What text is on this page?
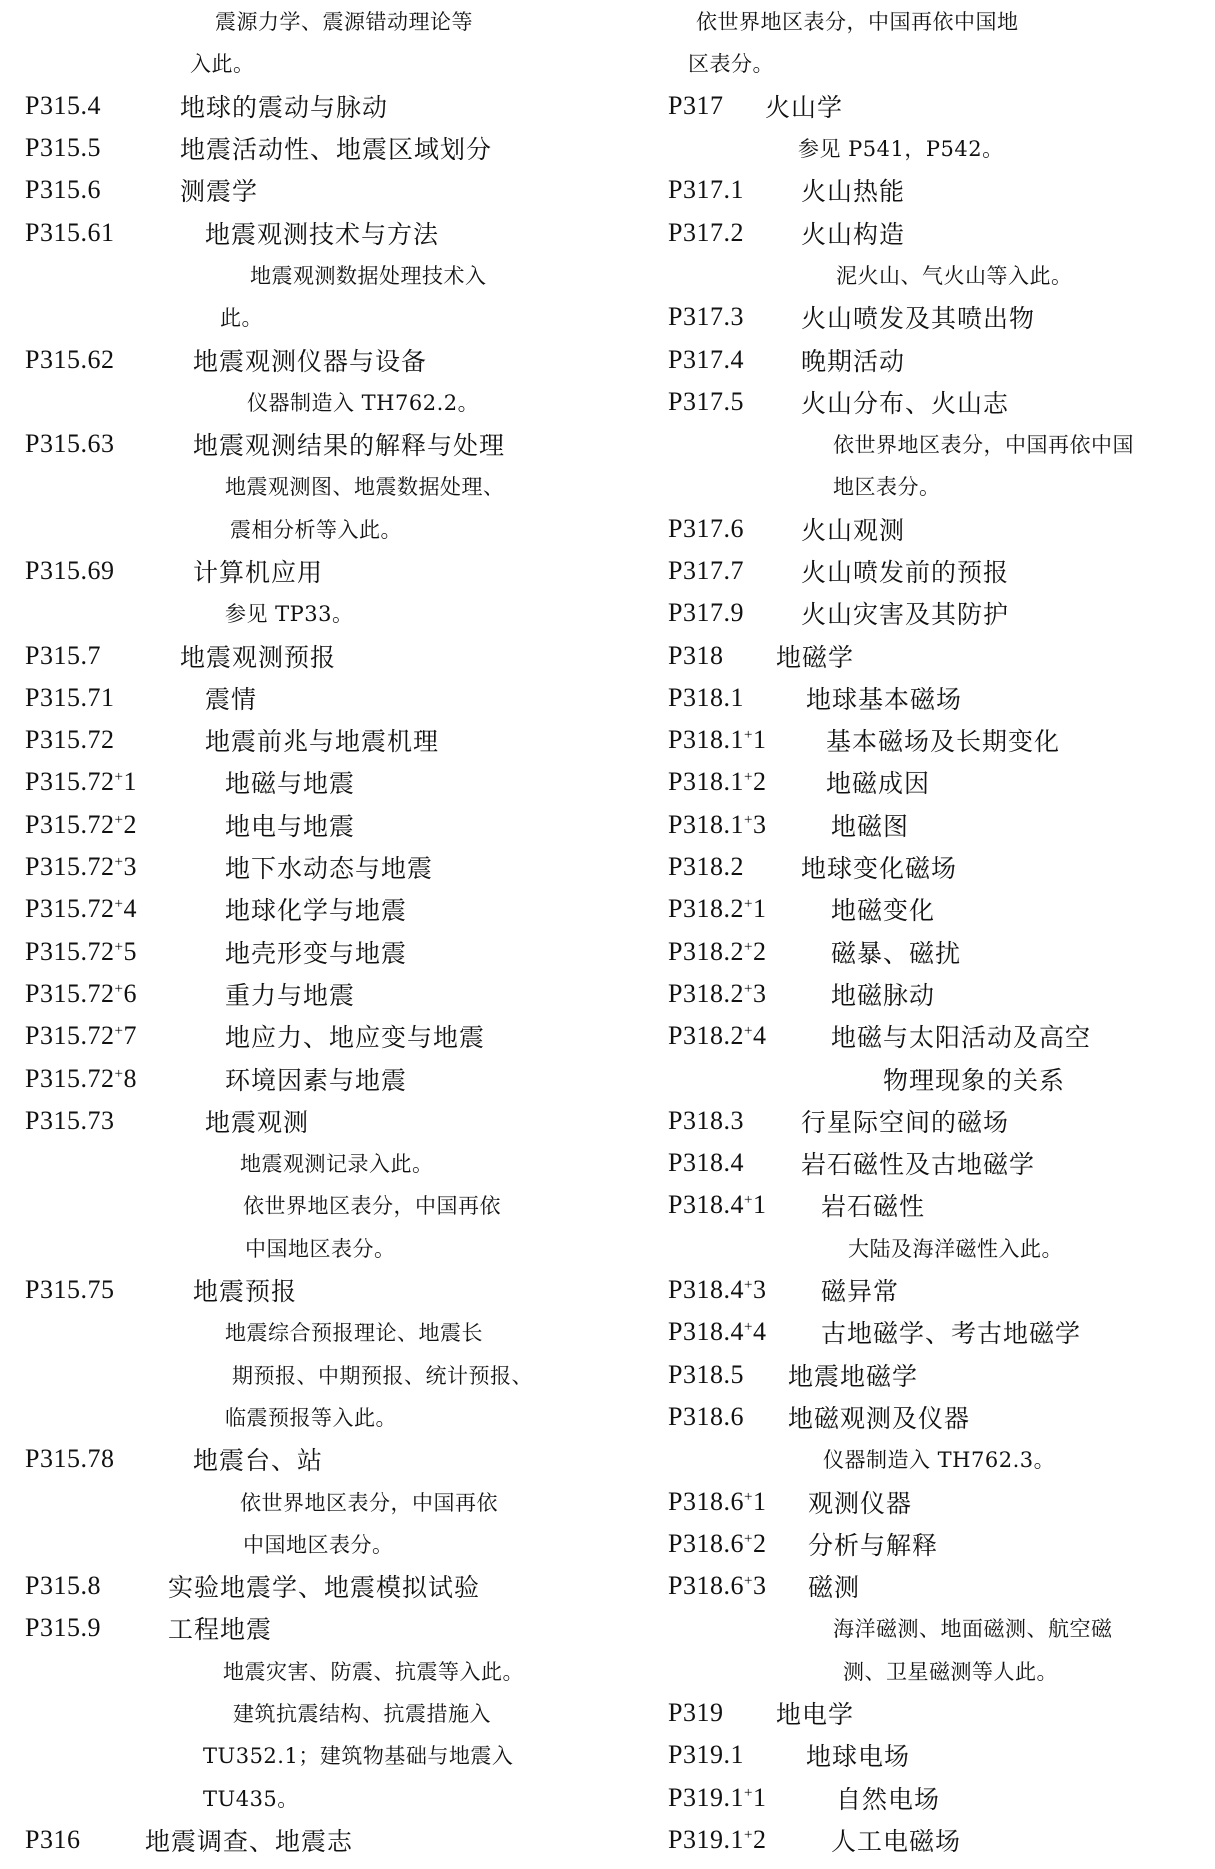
震源力学、震源错动理论等
入此。
P315.4	地球的震动与脉动
P315.5	地震活动性、地震区域划分
P315.6	测震学
P315.61	地震观测技术与方法
地震观测数据处理技术入
此。
P315.62	地震观测仪器与设备
仪器制造入 TH762.2。
P315.63	地震观测结果的解释与处理
地震观测图、地震数据处理、
震相分析等入此。
P315.69	计算机应用
参见 TP33。
P315.7	地震观测预报
P315.71	震情
P315.72	地震前兆与地震机理
P315.72+1	地磁与地震
P315.72+2	地电与地震
P315.72+3	地下水动态与地震
P315.72+4	地球化学与地震
P315.72+5	地壳形变与地震
P315.72+6	重力与地震
P315.72+7	地应力、地应变与地震
P315.72+8	环境因素与地震
P315.73	地震观测
地震观测记录入此。
依世界地区表分，中国再依
中国地区表分。
P315.75	地震预报
地震综合预报理论、地震长
期预报、中期预报、统计预报、
临震预报等入此。
P315.78	地震台、站
依世界地区表分，中国再依
中国地区表分。
P315.8	实验地震学、地震模拟试验
P315.9	工程地震
地震灾害、防震、抗震等入此。
建筑抗震结构、抗震措施入
TU352.1；建筑物基础与地震入
TU435。
P316	地震调查、地震志
依世界地区表分，中国再依中国地
区表分。
P317	火山学
参见 P541，P542。
P317.1	火山热能
P317.2	火山构造
泥火山、气火山等入此。
P317.3	火山喷发及其喷出物
P317.4	晚期活动
P317.5	火山分布、火山志
依世界地区表分，中国再依中国
地区表分。
P317.6	火山观测
P317.7	火山喷发前的预报
P317.9	火山灾害及其防护
P318	地磁学
P318.1	地球基本磁场
P318.1+1	基本磁场及长期变化
P318.1+2	地磁成因
P318.1+3	地磁图
P318.2	地球变化磁场
P318.2+1	地磁变化
P318.2+2	磁暴、磁扰
P318.2+3	地磁脉动
P318.2+4	地磁与太阳活动及高空
物理现象的关系
P318.3	行星际空间的磁场
P318.4	岩石磁性及古地磁学
P318.4+1	岩石磁性
大陆及海洋磁性入此。
P318.4+3	磁异常
P318.4+4	古地磁学、考古地磁学
P318.5	地震地磁学
P318.6	地磁观测及仪器
仪器制造入 TH762.3。
P318.6+1	观测仪器
P318.6+2	分析与解释
P318.6+3	磁测
海洋磁测、地面磁测、航空磁
测、卫星磁测等人此。
P319	地电学
P319.1	地球电场
P319.1+1	自然电场
P319.1+2	人工电磁场
